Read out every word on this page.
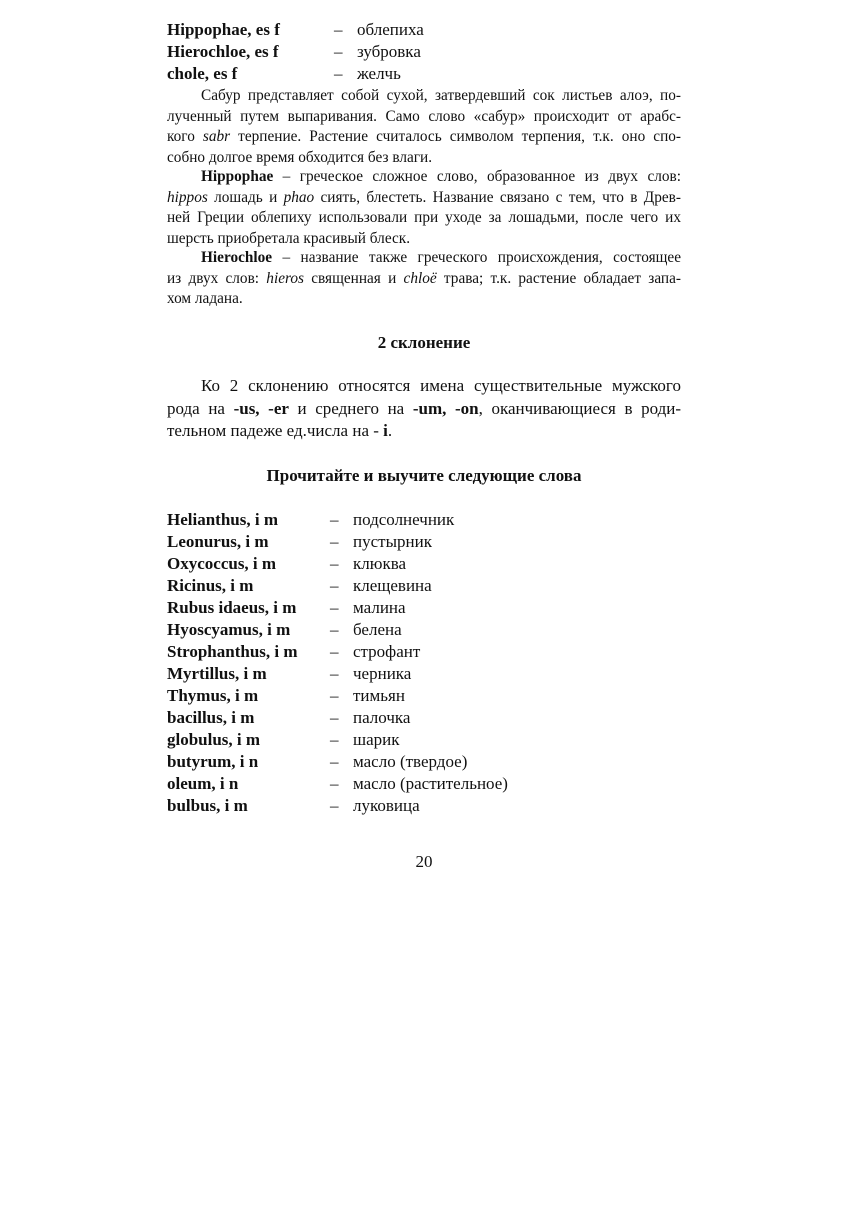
Hippophae, es f	– облепиха
Hierochloe, es f	– зубровка
chole, es f	– желчь
Сабур представляет собой сухой, затвердевший сок листьев алоэ, по-
лученный путем выпаривания. Само слово «сабур» происходит от арабс-
кого sabr терпение. Растение считалось символом терпения, т.к. оно спо-
собно долгое время обходится без влаги.
Hippophae – греческое сложное слово, образованное из двух слов:
hippos лошадь и phao сиять, блестеть. Название связано с тем, что в Древ-
ней Греции облепиху использовали при уходе за лошадьми, после чего их
шерсть приобретала красивый блеск.
Hierochloe – название также греческого происхождения, состоящее
из двух слов: hieros священная и chloë трава; т.к. растение обладает запа-
хом ладана.
2 склонение
Ко 2 склонению относятся имена существительные мужского
рода на -us, -er и среднего на -um, -on, оканчивающиеся в роди-
тельном падеже ед.числа на - i.
Прочитайте и выучите следующие слова
Helianthus, i m	– подсолнечник
Leonurus, i m	– пустырник
Oxycoccus, i m	– клюква
Ricinus, i m	– клещевина
Rubus idaeus, i m	– малина
Hyoscyamus, i m	– белена
Strophanthus, i m	– строфант
Myrtillus, i m	– черника
Thymus, i m	– тимьян
bacillus, i m	– палочка
globulus, i m	– шарик
butyrum, i n	– масло (твердое)
oleum, i n	– масло (растительное)
bulbus, i m	– луковица
20
